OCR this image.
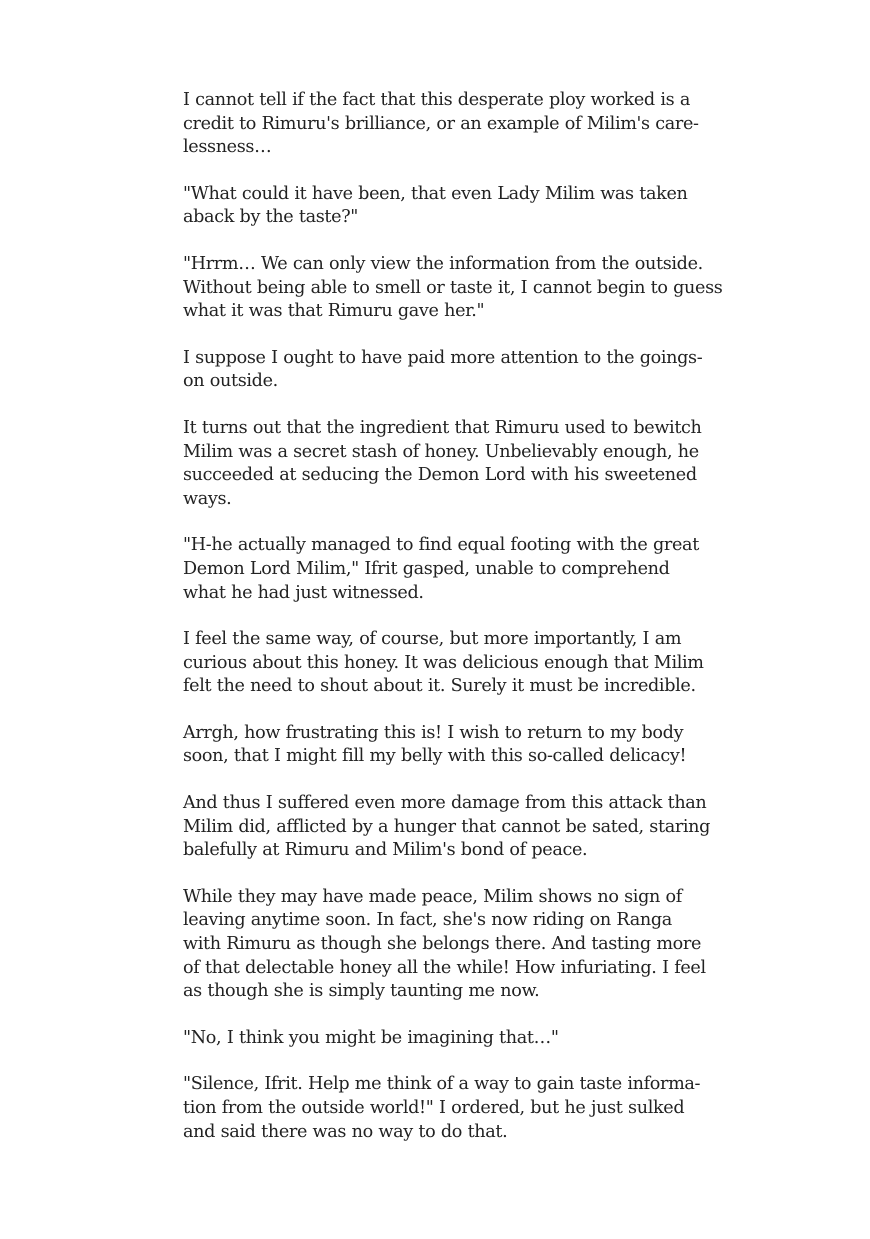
I cannot tell if the fact that this desperate ploy worked is a
credit to Rimuru's brilliance, or an example of Milim's care-
lessness…

"What could it have been, that even Lady Milim was taken
aback by the taste?"

"Hrrm… We can only view the information from the outside.
Without being able to smell or taste it, I cannot begin to guess
what it was that Rimuru gave her."

I suppose I ought to have paid more attention to the goings-
on outside.

It turns out that the ingredient that Rimuru used to bewitch
Milim was a secret stash of honey. Unbelievably enough, he
succeeded at seducing the Demon Lord with his sweetened
ways.

"H-he actually managed to find equal footing with the great
Demon Lord Milim," Ifrit gasped, unable to comprehend
what he had just witnessed.

I feel the same way, of course, but more importantly, I am
curious about this honey. It was delicious enough that Milim
felt the need to shout about it. Surely it must be incredible.

Arrgh, how frustrating this is! I wish to return to my body
soon, that I might fill my belly with this so-called delicacy!

And thus I suffered even more damage from this attack than
Milim did, afflicted by a hunger that cannot be sated, staring
balefully at Rimuru and Milim's bond of peace.

While they may have made peace, Milim shows no sign of
leaving anytime soon. In fact, she's now riding on Ranga
with Rimuru as though she belongs there. And tasting more
of that delectable honey all the while! How infuriating. I feel
as though she is simply taunting me now.

"No, I think you might be imagining that…"

"Silence, Ifrit. Help me think of a way to gain taste informa-
tion from the outside world!" I ordered, but he just sulked
and said there was no way to do that.
